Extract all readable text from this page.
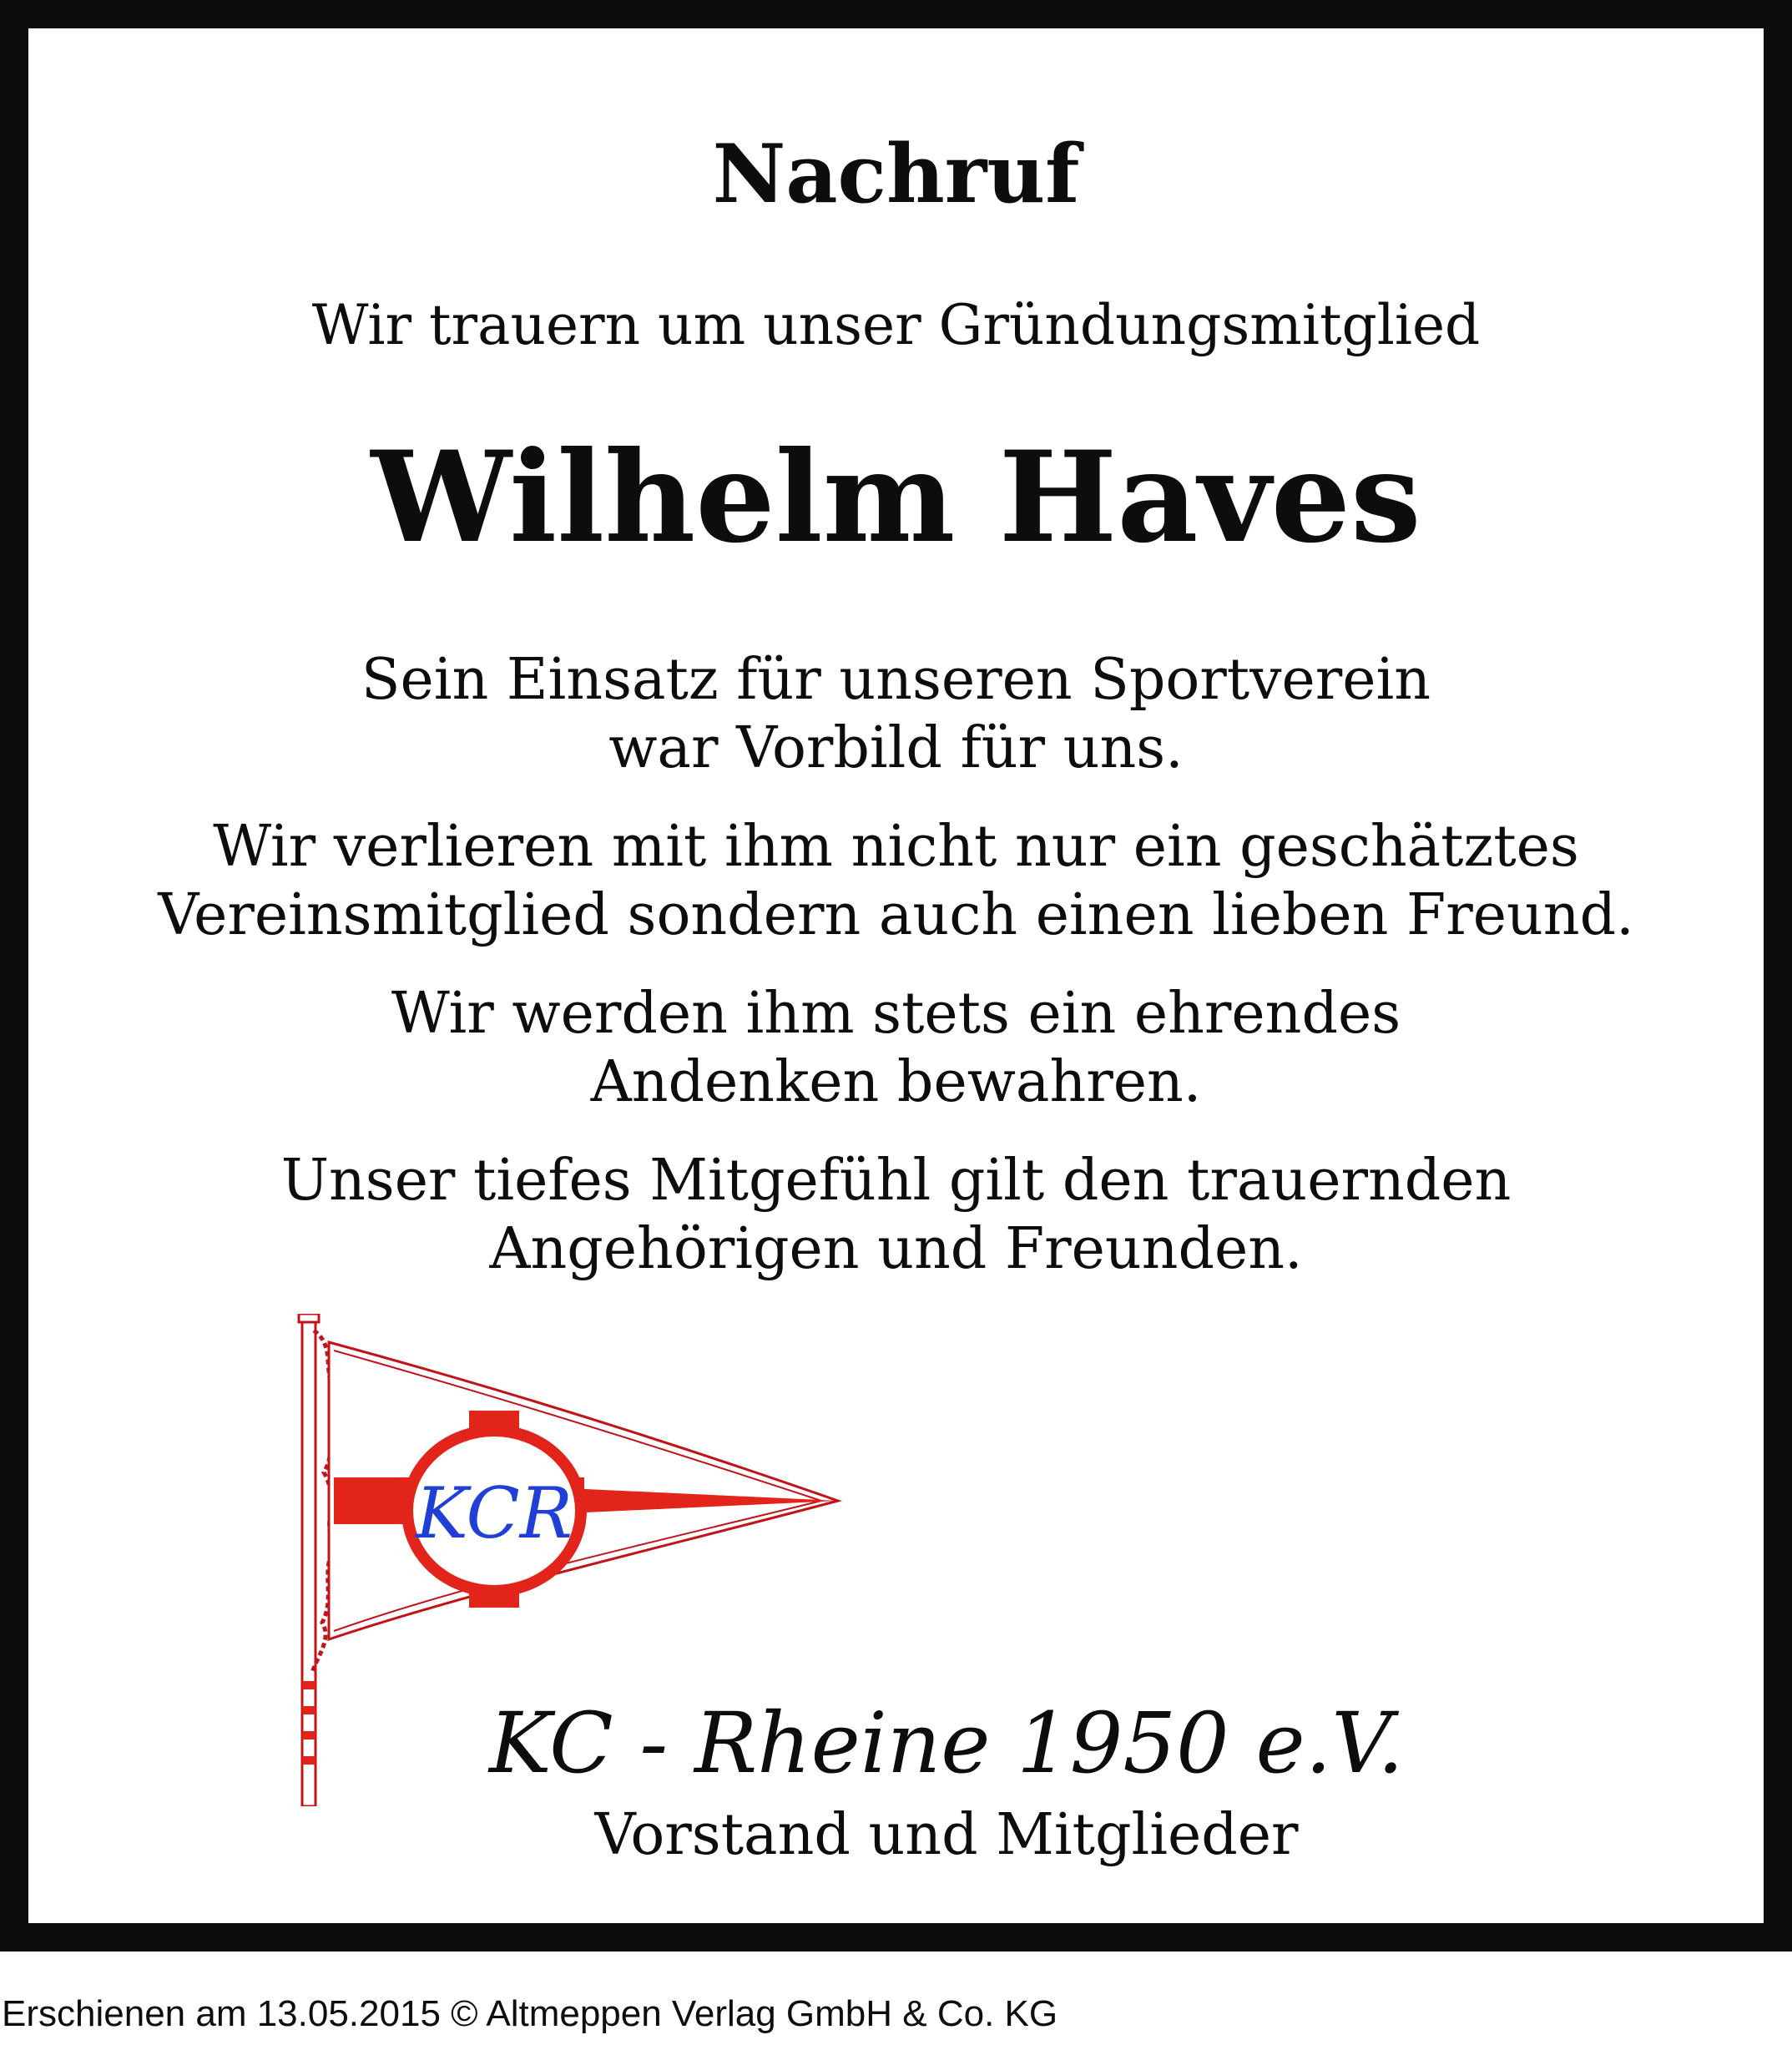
Nachruf

Wir trauern um unser Gründungsmitglied

Wilhelm Haves

Sein Einsatz für unseren Sportverein
war Vorbild für uns.
Wir verlieren mit ihm nicht nur ein geschätztes
Vereinsmitglied sondern auch einen lieben Freund.
Wir werden ihm stets ein ehrendes
Andenken bewahren.
Unser tiefes Mitgefühl gilt den trauernden
Angehörigen und Freunden.
KCR

KC - Rheine 1950 e.V.

Vorstand und Mitglieder

Erschienen am 13.05.2015 © Altmeppen Verlag GmbH & Co. KG
